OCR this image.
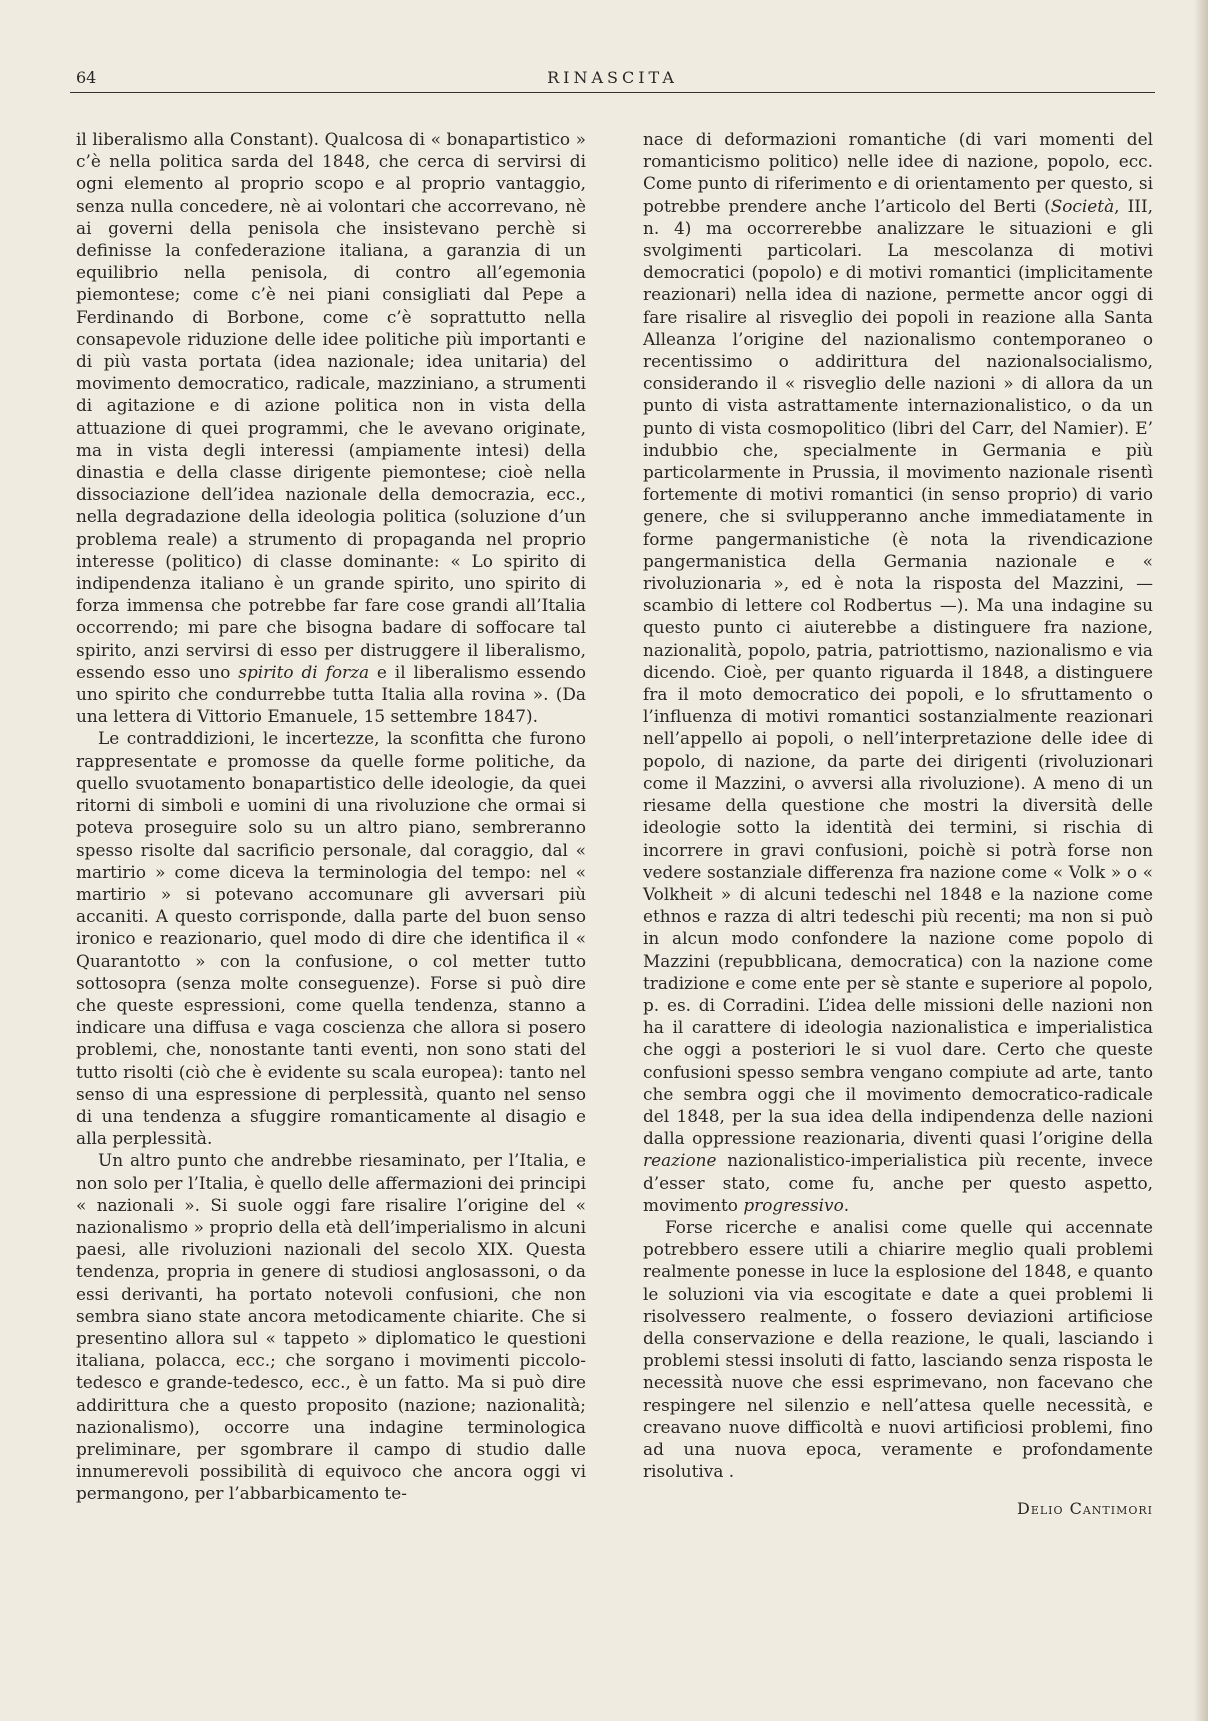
64	RINASCITA

il liberalismo alla Constant). Qualcosa di « bonapartistico » c’è nella politica sarda del 1848, che cerca di servirsi di ogni elemento al proprio scopo e al proprio vantaggio, senza nulla concedere, nè ai volontari che accorrevano, nè ai governi della penisola che insistevano perchè si definisse la confederazione italiana, a garanzia di un equilibrio nella penisola, di contro all’egemonia piemontese; come c’è nei piani consigliati dal Pepe a Ferdinando di Borbone, come c’è soprattutto nella consapevole riduzione delle idee politiche più importanti e di più vasta portata (idea nazionale; idea unitaria) del movimento democratico, radicale, mazziniano, a strumenti di agitazione e di azione politica non in vista della attuazione di quei programmi, che le avevano originate, ma in vista degli interessi (ampiamente intesi) della dinastia e della classe dirigente piemontese; cioè nella dissociazione dell’idea nazionale della democrazia, ecc., nella degradazione della ideologia politica (soluzione d’un problema reale) a strumento di propaganda nel proprio interesse (politico) di classe dominante: « Lo spirito di indipendenza italiano è un grande spirito, uno spirito di forza immensa che potrebbe far fare cose grandi all’Italia occorrendo; mi pare che bisogna badare di soffocare tal spirito, anzi servirsi di esso per distruggere il liberalismo, essendo esso uno spirito di forza e il liberalismo essendo uno spirito che condurrebbe tutta Italia alla rovina ». (Da una lettera di Vittorio Emanuele, 15 settembre 1847).

Le contraddizioni, le incertezze, la sconfitta che furono rappresentate e promosse da quelle forme politiche, da quello svuotamento bonapartistico delle ideologie, da quei ritorni di simboli e uomini di una rivoluzione che ormai si poteva proseguire solo su un altro piano, sembreranno spesso risolte dal sacrificio personale, dal coraggio, dal « martirio » come diceva la terminologia del tempo: nel « martirio » si potevano accomunare gli avversari più accaniti. A questo corrisponde, dalla parte del buon senso ironico e reazionario, quel modo di dire che identifica il « Quarantotto » con la confusione, o col metter tutto sottosopra (senza molte conseguenze). Forse si può dire che queste espressioni, come quella tendenza, stanno a indicare una diffusa e vaga coscienza che allora si posero problemi, che, nonostante tanti eventi, non sono stati del tutto risolti (ciò che è evidente su scala europea): tanto nel senso di una espressione di perplessità, quanto nel senso di una tendenza a sfuggire romanticamente al disagio e alla perplessità.

Un altro punto che andrebbe riesaminato, per l’Italia, e non solo per l’Italia, è quello delle affermazioni dei principi « nazionali ». Si suole oggi fare risalire l’origine del « nazionalismo » proprio della età dell’imperialismo in alcuni paesi, alle rivoluzioni nazionali del secolo XIX. Questa tendenza, propria in genere di studiosi anglosassoni, o da essi derivanti, ha portato notevoli confusioni, che non sembra siano state ancora metodicamente chiarite. Che si presentino allora sul « tappeto » diplomatico le questioni italiana, polacca, ecc.; che sorgano i movimenti piccolo-tedesco e grande-tedesco, ecc., è un fatto. Ma si può dire addirittura che a questo proposito (nazione; nazionalità; nazionalismo), occorre una indagine terminologica preliminare, per sgombrare il campo di studio dalle innumerevoli possibilità di equivoco che ancora oggi vi permangono, per l’abbarbicamento te-

nace di deformazioni romantiche (di vari momenti del romanticismo politico) nelle idee di nazione, popolo, ecc. Come punto di riferimento e di orientamento per questo, si potrebbe prendere anche l’articolo del Berti (Società, III, n. 4) ma occorrerebbe analizzare le situazioni e gli svolgimenti particolari. La mescolanza di motivi democratici (popolo) e di motivi romantici (implicitamente reazionari) nella idea di nazione, permette ancor oggi di fare risalire al risveglio dei popoli in reazione alla Santa Alleanza l’origine del nazionalismo contemporaneo o recentissimo o addirittura del nazionalsocialismo, considerando il « risveglio delle nazioni » di allora da un punto di vista astrattamente internazionalistico, o da un punto di vista cosmopolitico (libri del Carr, del Namier). E’ indubbio che, specialmente in Germania e più particolarmente in Prussia, il movimento nazionale risentì fortemente di motivi romantici (in senso proprio) di vario genere, che si svilupperanno anche immediatamente in forme pangermanistiche (è nota la rivendicazione pangermanistica della Germania nazionale e « rivoluzionaria », ed è nota la risposta del Mazzini, — scambio di lettere col Rodbertus —). Ma una indagine su questo punto ci aiuterebbe a distinguere fra nazione, nazionalità, popolo, patria, patriottismo, nazionalismo e via dicendo. Cioè, per quanto riguarda il 1848, a distinguere fra il moto democratico dei popoli, e lo sfruttamento o l’influenza di motivi romantici sostanzialmente reazionari nell’appello ai popoli, o nell’interpretazione delle idee di popolo, di nazione, da parte dei dirigenti (rivoluzionari come il Mazzini, o avversi alla rivoluzione). A meno di un riesame della questione che mostri la diversità delle ideologie sotto la identità dei termini, si rischia di incorrere in gravi confusioni, poichè si potrà forse non vedere sostanziale differenza fra nazione come « Volk » o « Volkheit » di alcuni tedeschi nel 1848 e la nazione come ethnos e razza di altri tedeschi più recenti; ma non si può in alcun modo confondere la nazione come popolo di Mazzini (repubblicana, democratica) con la nazione come tradizione e come ente per sè stante e superiore al popolo, p. es. di Corradini. L’idea delle missioni delle nazioni non ha il carattere di ideologia nazionalistica e imperialistica che oggi a posteriori le si vuol dare. Certo che queste confusioni spesso sembra vengano compiute ad arte, tanto che sembra oggi che il movimento democratico-radicale del 1848, per la sua idea della indipendenza delle nazioni dalla oppressione reazionaria, diventi quasi l’origine della reazione nazionalistico-imperialistica più recente, invece d’esser stato, come fu, anche per questo aspetto, movimento progressivo.

Forse ricerche e analisi come quelle qui accennate potrebbero essere utili a chiarire meglio quali problemi realmente ponesse in luce la esplosione del 1848, e quanto le soluzioni via via escogitate e date a quei problemi li risolvessero realmente, o fossero deviazioni artificiose della conservazione e della reazione, le quali, lasciando i problemi stessi insoluti di fatto, lasciando senza risposta le necessità nuove che essi esprimevano, non facevano che respingere nel silenzio e nell’attesa quelle necessità, e creavano nuove difficoltà e nuovi artificiosi problemi, fino ad una nuova epoca, veramente e profondamente risolutiva .

Delio Cantimori
